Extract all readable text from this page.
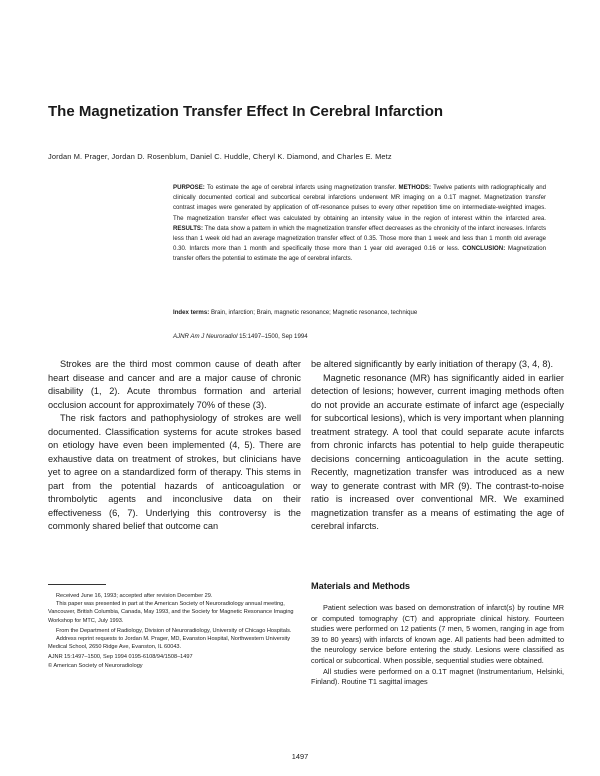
The Magnetization Transfer Effect In Cerebral Infarction
Jordan M. Prager, Jordan D. Rosenblum, Daniel C. Huddle, Cheryl K. Diamond, and Charles E. Metz
PURPOSE: To estimate the age of cerebral infarcts using magnetization transfer. METHODS: Twelve patients with radiographically and clinically documented cortical and subcortical cerebral infarctions underwent MR imaging on a 0.1T magnet. Magnetization transfer contrast images were generated by application of off-resonance pulses to every other repetition time on intermediate-weighted images. The magnetization transfer effect was calculated by obtaining an intensity value in the region of interest within the infarcted area. RESULTS: The data show a pattern in which the magnetization transfer effect decreases as the chronicity of the infarct increases. Infarcts less than 1 week old had an average magnetization transfer effect of 0.35. Those more than 1 week and less than 1 month old average 0.30. Infarcts more than 1 month and specifically those more than 1 year old averaged 0.16 or less. CONCLUSION: Magnetization transfer offers the potential to estimate the age of cerebral infarcts.
Index terms: Brain, infarction; Brain, magnetic resonance; Magnetic resonance, technique
AJNR Am J Neuroradiol 15:1497–1500, Sep 1994

Strokes are the third most common cause of death after heart disease and cancer and are a major cause of chronic disability (1, 2). Acute thrombus formation and arterial occlusion account for approximately 70% of these (3).

The risk factors and pathophysiology of strokes are well documented. Classification systems for acute strokes based on etiology have even been implemented (4, 5). There are exhaustive data on treatment of strokes, but clinicians have yet to agree on a standardized form of therapy. This stems in part from the potential hazards of anticoagulation or thrombolytic agents and inconclusive data on their effectiveness (6, 7). Underlying this controversy is the commonly shared belief that outcome can

be altered significantly by early initiation of therapy (3, 4, 8).

Magnetic resonance (MR) has significantly aided in earlier detection of lesions; however, current imaging methods often do not provide an accurate estimate of infarct age (especially for subcortical lesions), which is very important when planning treatment strategy. A tool that could separate acute infarcts from chronic infarcts has potential to help guide therapeutic decisions concerning anticoagulation in the acute setting. Recently, magnetization transfer was introduced as a new way to generate contrast with MR (9). The contrast-to-noise ratio is increased over conventional MR. We examined magnetization transfer as a means of estimating the age of cerebral infarcts.

Materials and Methods

Patient selection was based on demonstration of infarct(s) by routine MR or computed tomography (CT) and appropriate clinical history. Fourteen studies were performed on 12 patients (7 men, 5 women, ranging in age from 39 to 80 years) with infarcts of known age. All patients had been admitted to the neurology service before entering the study. Lesions were classified as cortical or subcortical. When possible, sequential studies were obtained.

All studies were performed on a 0.1T magnet (Instrumentarium, Helsinki, Finland). Routine T1 sagittal images

Received June 16, 1993; accepted after revision December 29.

This paper was presented in part at the American Society of Neuroradiology annual meeting, Vancouver, British Columbia, Canada, May 1993, and the Society for Magnetic Resonance Imaging Workshop for MTC, July 1993.

From the Department of Radiology, Division of Neuroradiology, University of Chicago Hospitals.

Address reprint requests to Jordan M. Prager, MD, Evanston Hospital, Northwestern University Medical School, 2650 Ridge Ave, Evanston, IL 60043.

AJNR 15:1497–1500, Sep 1994 0195-6108/94/1508–1497

© American Society of Neuroradiology

1497
